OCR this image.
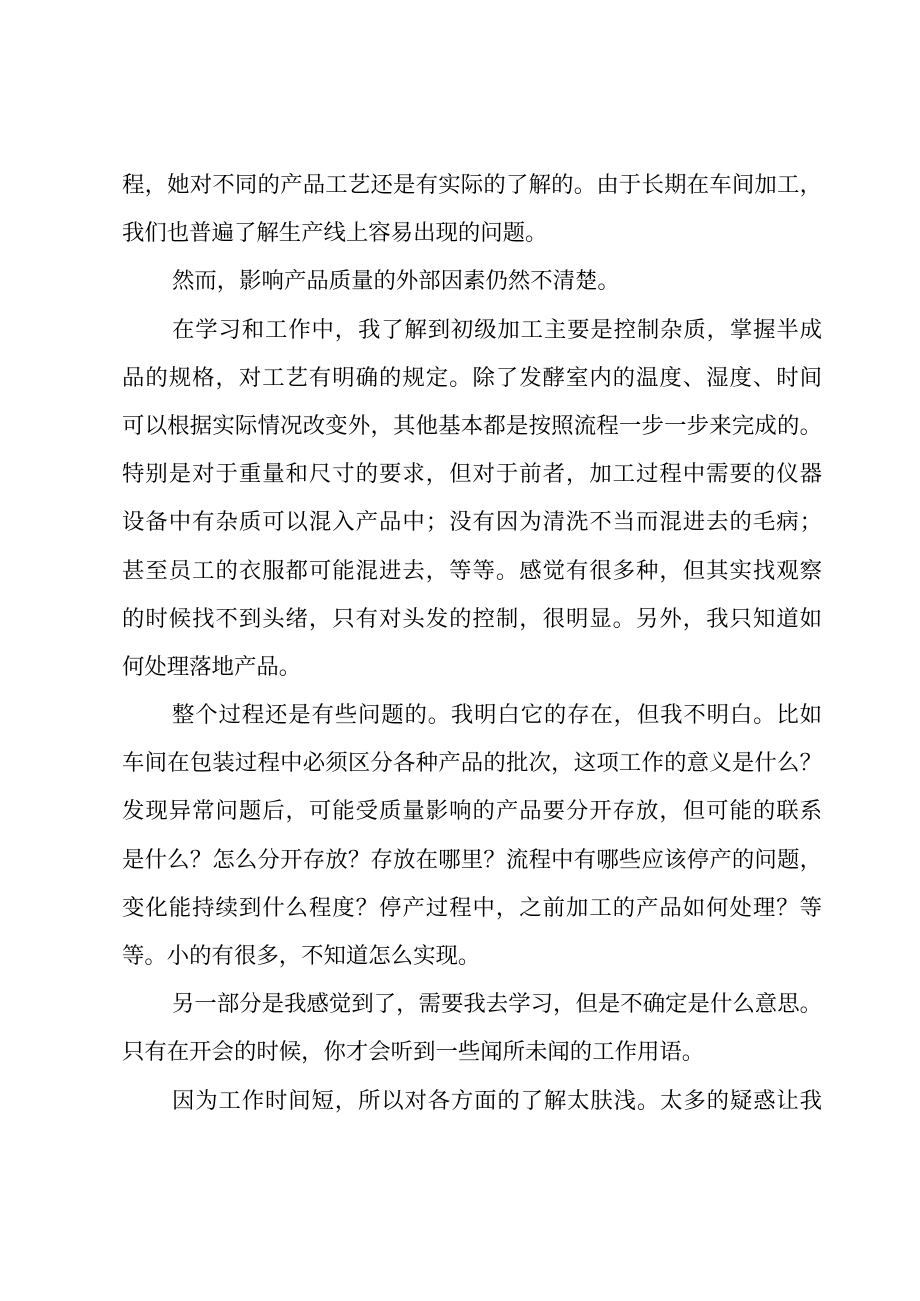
程，她对不同的产品工艺还是有实际的了解的。由于长期在车间加工，
我们也普遍了解生产线上容易出现的问题。
然而，影响产品质量的外部因素仍然不清楚。
在学习和工作中，我了解到初级加工主要是控制杂质，掌握半成
品的规格，对工艺有明确的规定。除了发酵室内的温度、湿度、时间
可以根据实际情况改变外，其他基本都是按照流程一步一步来完成的。
特别是对于重量和尺寸的要求，但对于前者，加工过程中需要的仪器
设备中有杂质可以混入产品中；没有因为清洗不当而混进去的毛病；
甚至员工的衣服都可能混进去，等等。感觉有很多种，但其实找观察
的时候找不到头绪，只有对头发的控制，很明显。另外，我只知道如
何处理落地产品。
整个过程还是有些问题的。我明白它的存在，但我不明白。比如
车间在包装过程中必须区分各种产品的批次，这项工作的意义是什么？
发现异常问题后，可能受质量影响的产品要分开存放，但可能的联系
是什么？怎么分开存放？存放在哪里？流程中有哪些应该停产的问题，
变化能持续到什么程度？停产过程中，之前加工的产品如何处理？等
等。小的有很多，不知道怎么实现。
另一部分是我感觉到了，需要我去学习，但是不确定是什么意思。
只有在开会的时候，你才会听到一些闻所未闻的工作用语。
因为工作时间短，所以对各方面的了解太肤浅。太多的疑惑让我
